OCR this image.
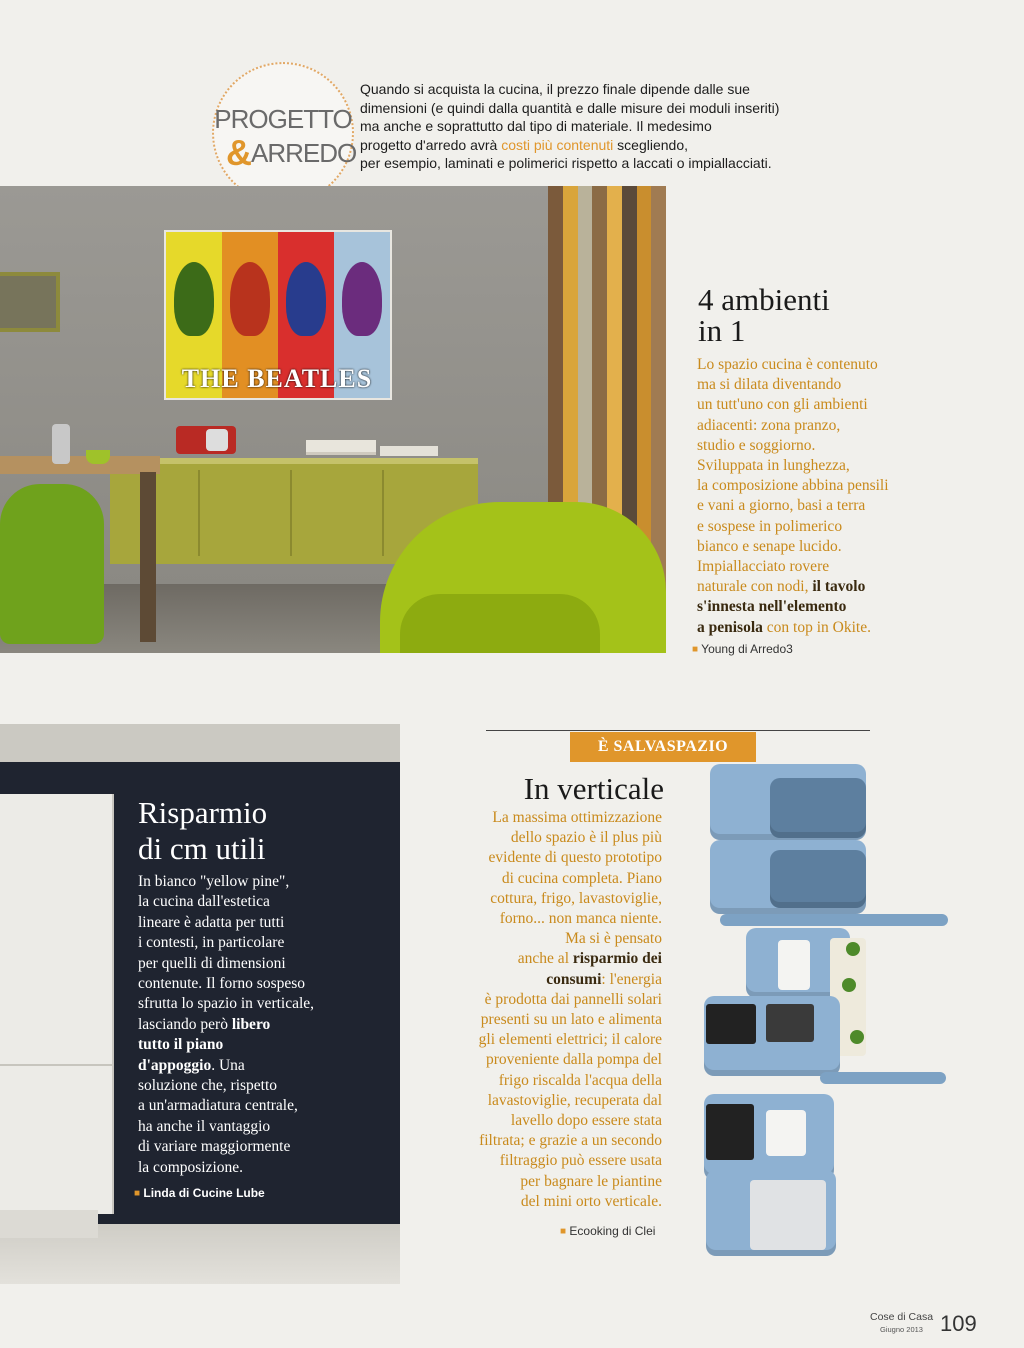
PROGETTO
&ARREDO

Quando si acquista la cucina, il prezzo finale dipende dalle sue

dimensioni (e quindi dalla quantità e dalle misure dei moduli inseriti)

ma anche e soprattutto dal tipo di materiale. Il medesimo

progetto d'arredo avrà costi più contenuti scegliendo,

per esempio, laminati e polimerici rispetto a laccati o impiallacciati.

THE BEATLES
4 ambienti
in 1

Lo spazio cucina è contenuto

ma si dilata diventando

un tutt'uno con gli ambienti

adiacenti: zona pranzo,

studio e soggiorno.

Sviluppata in lunghezza,

la composizione abbina pensili

e vani a giorno, basi a terra

e sospese in polimerico

bianco e senape lucido.

Impiallacciato rovere

naturale con nodi, il tavolo

s'innesta nell'elemento

a penisola con top in Okite.

■ Young di Arredo3
Risparmio
di cm utili

In bianco "yellow pine",

la cucina dall'estetica

lineare è adatta per tutti

i contesti, in particolare

per quelli di dimensioni

contenute. Il forno sospeso

sfrutta lo spazio in verticale,

lasciando però libero

tutto il piano

d'appoggio. Una

soluzione che, rispetto

a un'armadiatura centrale,

ha anche il vantaggio

di variare maggiormente

la composizione.

■ Linda di Cucine Lube
È SALVASPAZIO
In verticale

La massima ottimizzazione

dello spazio è il plus più

evidente di questo prototipo

di cucina completa. Piano

cottura, frigo, lavastoviglie,

forno... non manca niente.

Ma si è pensato

anche al risparmio dei

consumi: l'energia

è prodotta dai pannelli solari

presenti su un lato e alimenta

gli elementi elettrici; il calore

proveniente dalla pompa del

frigo riscalda l'acqua della

lavastoviglie, recuperata dal

lavello dopo essere stata

filtrata; e grazie a un secondo

filtraggio può essere usata

per bagnare le piantine

del mini orto verticale.

■ Ecooking di Clei
Cose di Casa
Giugno 2013 109
